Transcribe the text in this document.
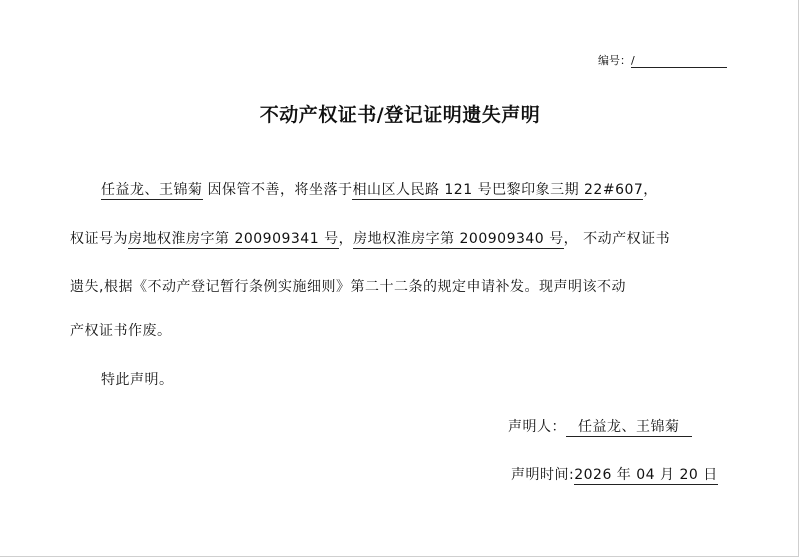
编号：/
不动产权证书/登记证明遗失声明
任益龙、王锦菊 因保管不善，将坐落于相山区人民路 121 号巴黎印象三期 22#607，
权证号为房地权淮房字第 200909341 号，房地权淮房字第 200909340 号， 不动产权证书
遗失,根据《不动产登记暂行条例实施细则》第二十二条的规定申请补发。现声明该不动
产权证书作废。
特此声明。
声明人： 任益龙、王锦菊
声明时间:2026 年 04 月 20 日
